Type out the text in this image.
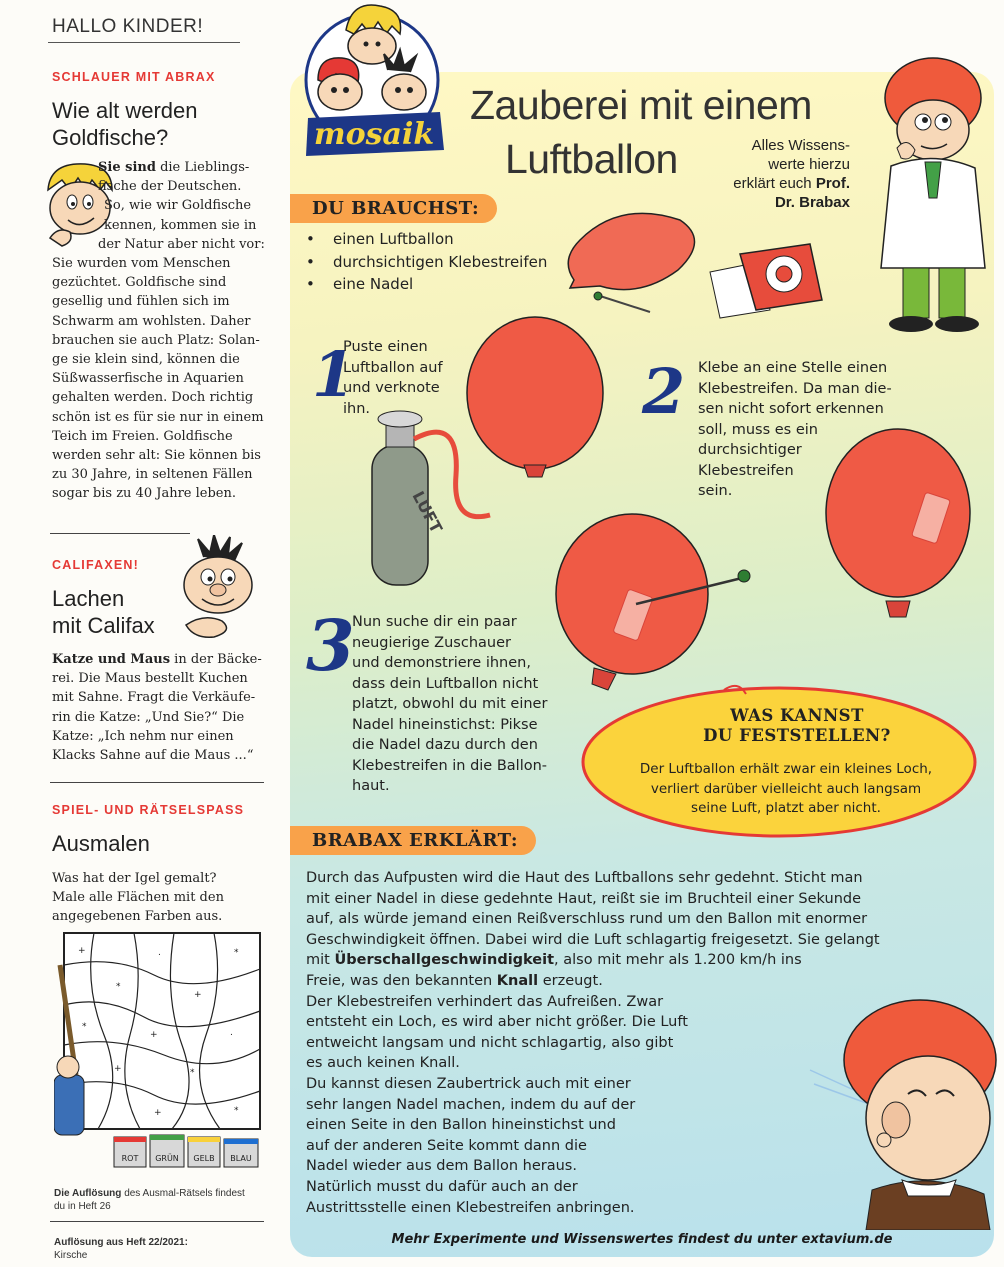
HALLO KINDER!
SCHLAUER MIT ABRAX
Wie alt werden
Goldfische?
Sie sind die Lieblings-
fische der Deutschen.
So, wie wir Goldfische
kennen, kommen sie in
der Natur aber nicht vor:
Sie wurden vom Menschen
gezüchtet. Goldfische sind
gesellig und fühlen sich im
Schwarm am wohlsten. Daher
brauchen sie auch Platz: Solan-
ge sie klein sind, können die
Süßwasserfische in Aquarien
gehalten werden. Doch richtig
schön ist es für sie nur in einem
Teich im Freien. Goldfische
werden sehr alt: Sie können bis
zu 30 Jahre, in seltenen Fällen
sogar bis zu 40 Jahre leben.
CALIFAXEN!
Lachen
mit Califax
Katze und Maus in der Bäcke-
rei. Die Maus bestellt Kuchen
mit Sahne. Fragt die Verkäufe-
rin die Katze: „Und Sie?“ Die
Katze: „Ich nehm nur einen
Klacks Sahne auf die Maus ...“
SPIEL- UND RÄTSELSPASS
Ausmalen
Was hat der Igel gemalt?
Male alle Flächen mit den
angegebenen Farben aus.
+
*
.
+
*
*
+	.
+	*
+	*
ROT GRÜN GELB BLAU
Die Auflösung des Ausmal-Rätsels findest
du in Heft 26
Auflösung aus Heft 22/2021:
Kirsche
mosaik
Zauberei mit einem
Luftballon	Alles Wissens-
werte hierzu
erklärt euch Prof.
Dr. Brabax
DU BRAUCHST:
• einen Luftballon
• durchsichtigen Klebestreifen
• eine Nadel
1
Puste einen
Luftballon auf
und verknote
ihn.
LUFT
2 Klebe an eine Stelle einen
Klebestreifen. Da man die-
sen nicht sofort erkennen
soll, muss es ein
durchsichtiger
Klebestreifen
sein.
3
Nun suche dir ein paar
neugierige Zuschauer
und demonstriere ihnen,
dass dein Luftballon nicht
platzt, obwohl du mit einer
Nadel hineinstichst: Pikse
die Nadel dazu durch den
Klebestreifen in die Ballon-
haut.
WAS KANNST
DU FESTSTELLEN?
Der Luftballon erhält zwar ein kleines Loch,
verliert darüber vielleicht auch langsam
seine Luft, platzt aber nicht.
BRABAX ERKLÄRT:

Durch das Aufpusten wird die Haut des Luftballons sehr gedehnt. Sticht man
mit einer Nadel in diese gedehnte Haut, reißt sie im Bruchteil einer Sekunde
auf, als würde jemand einen Reißverschluss rund um den Ballon mit enormer
Geschwindigkeit öffnen. Dabei wird die Luft schlagartig freigesetzt. Sie gelangt
mit Überschallgeschwindigkeit, also mit mehr als 1.200 km/h ins
Freie, was den bekannten Knall erzeugt.

Der Klebestreifen verhindert das Aufreißen. Zwar
entsteht ein Loch, es wird aber nicht größer. Die Luft
entweicht langsam und nicht schlagartig, also gibt
es auch keinen Knall.

Du kannst diesen Zaubertrick auch mit einer
sehr langen Nadel machen, indem du auf der
einen Seite in den Ballon hineinstichst und
auf der anderen Seite kommt dann die
Nadel wieder aus dem Ballon heraus.
Natürlich musst du dafür auch an der
Austrittsstelle einen Klebestreifen anbringen.

Mehr Experimente und Wissenswertes findest du unter extavium.de
